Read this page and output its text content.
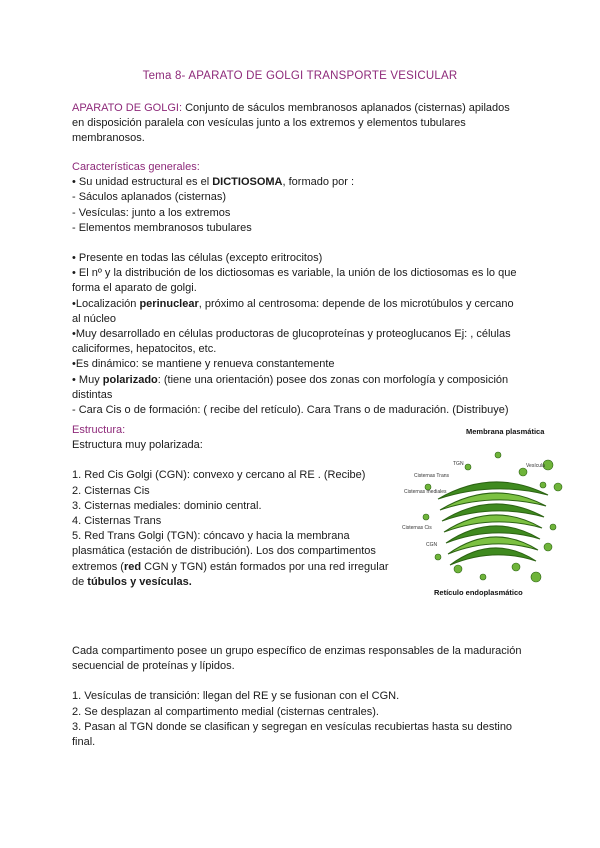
Tema 8- APARATO DE GOLGI TRANSPORTE VESICULAR
APARATO DE GOLGI: Conjunto de sáculos membranosos aplanados (cisternas) apilados
en disposición paralela con vesículas junto a los extremos y elementos tubulares
membranosos.
Características generales:
• Su unidad estructural es el DICTIOSOMA, formado por :
- Sáculos aplanados (cisternas)
- Vesículas: junto a los extremos
- Elementos membranosos tubulares
• Presente en todas las células (excepto eritrocitos)
• El nº y la distribución de los dictiosomas es variable, la unión de los dictiosomas es lo que
forma el aparato de golgi.
•Localización perinuclear, próximo al centrosoma: depende de los microtúbulos y cercano
al núcleo
•Muy desarrollado en células productoras de glucoproteínas y proteoglucanos Ej: , células
caliciformes, hepatocitos, etc.
•Es dinámico: se mantiene y renueva constantemente
• Muy polarizado: (tiene una orientación) posee dos zonas con morfología y composición
distintas
- Cara Cis o de formación: ( recibe del retículo). Cara Trans o de maduración. (Distribuye)
Estructura:
Estructura muy polarizada:
1. Red Cis Golgi (CGN): convexo y cercano al RE . (Recibe)
2. Cisternas Cis
3. Cisternas mediales: dominio central.
4. Cisternas Trans
5. Red Trans Golgi (TGN): cóncavo y hacia la membrana
plasmática (estación de distribución). Los dos compartimentos
extremos (red CGN y TGN) están formados por una red irregular
de túbulos y vesículas.
Membrana plasmática
TGN
Cisternas Trans
Cisternas mediales
Cisternas Cis
CGN
Vesícula
Retículo endoplasmático
Cada compartimento posee un grupo específico de enzimas responsables de la maduración
secuencial de proteínas y lípidos.
1. Vesículas de transición: llegan del RE y se fusionan con el CGN.
2. Se desplazan al compartimento medial (cisternas centrales).
3. Pasan al TGN donde se clasifican y segregan en vesículas recubiertas hasta su destino
final.
